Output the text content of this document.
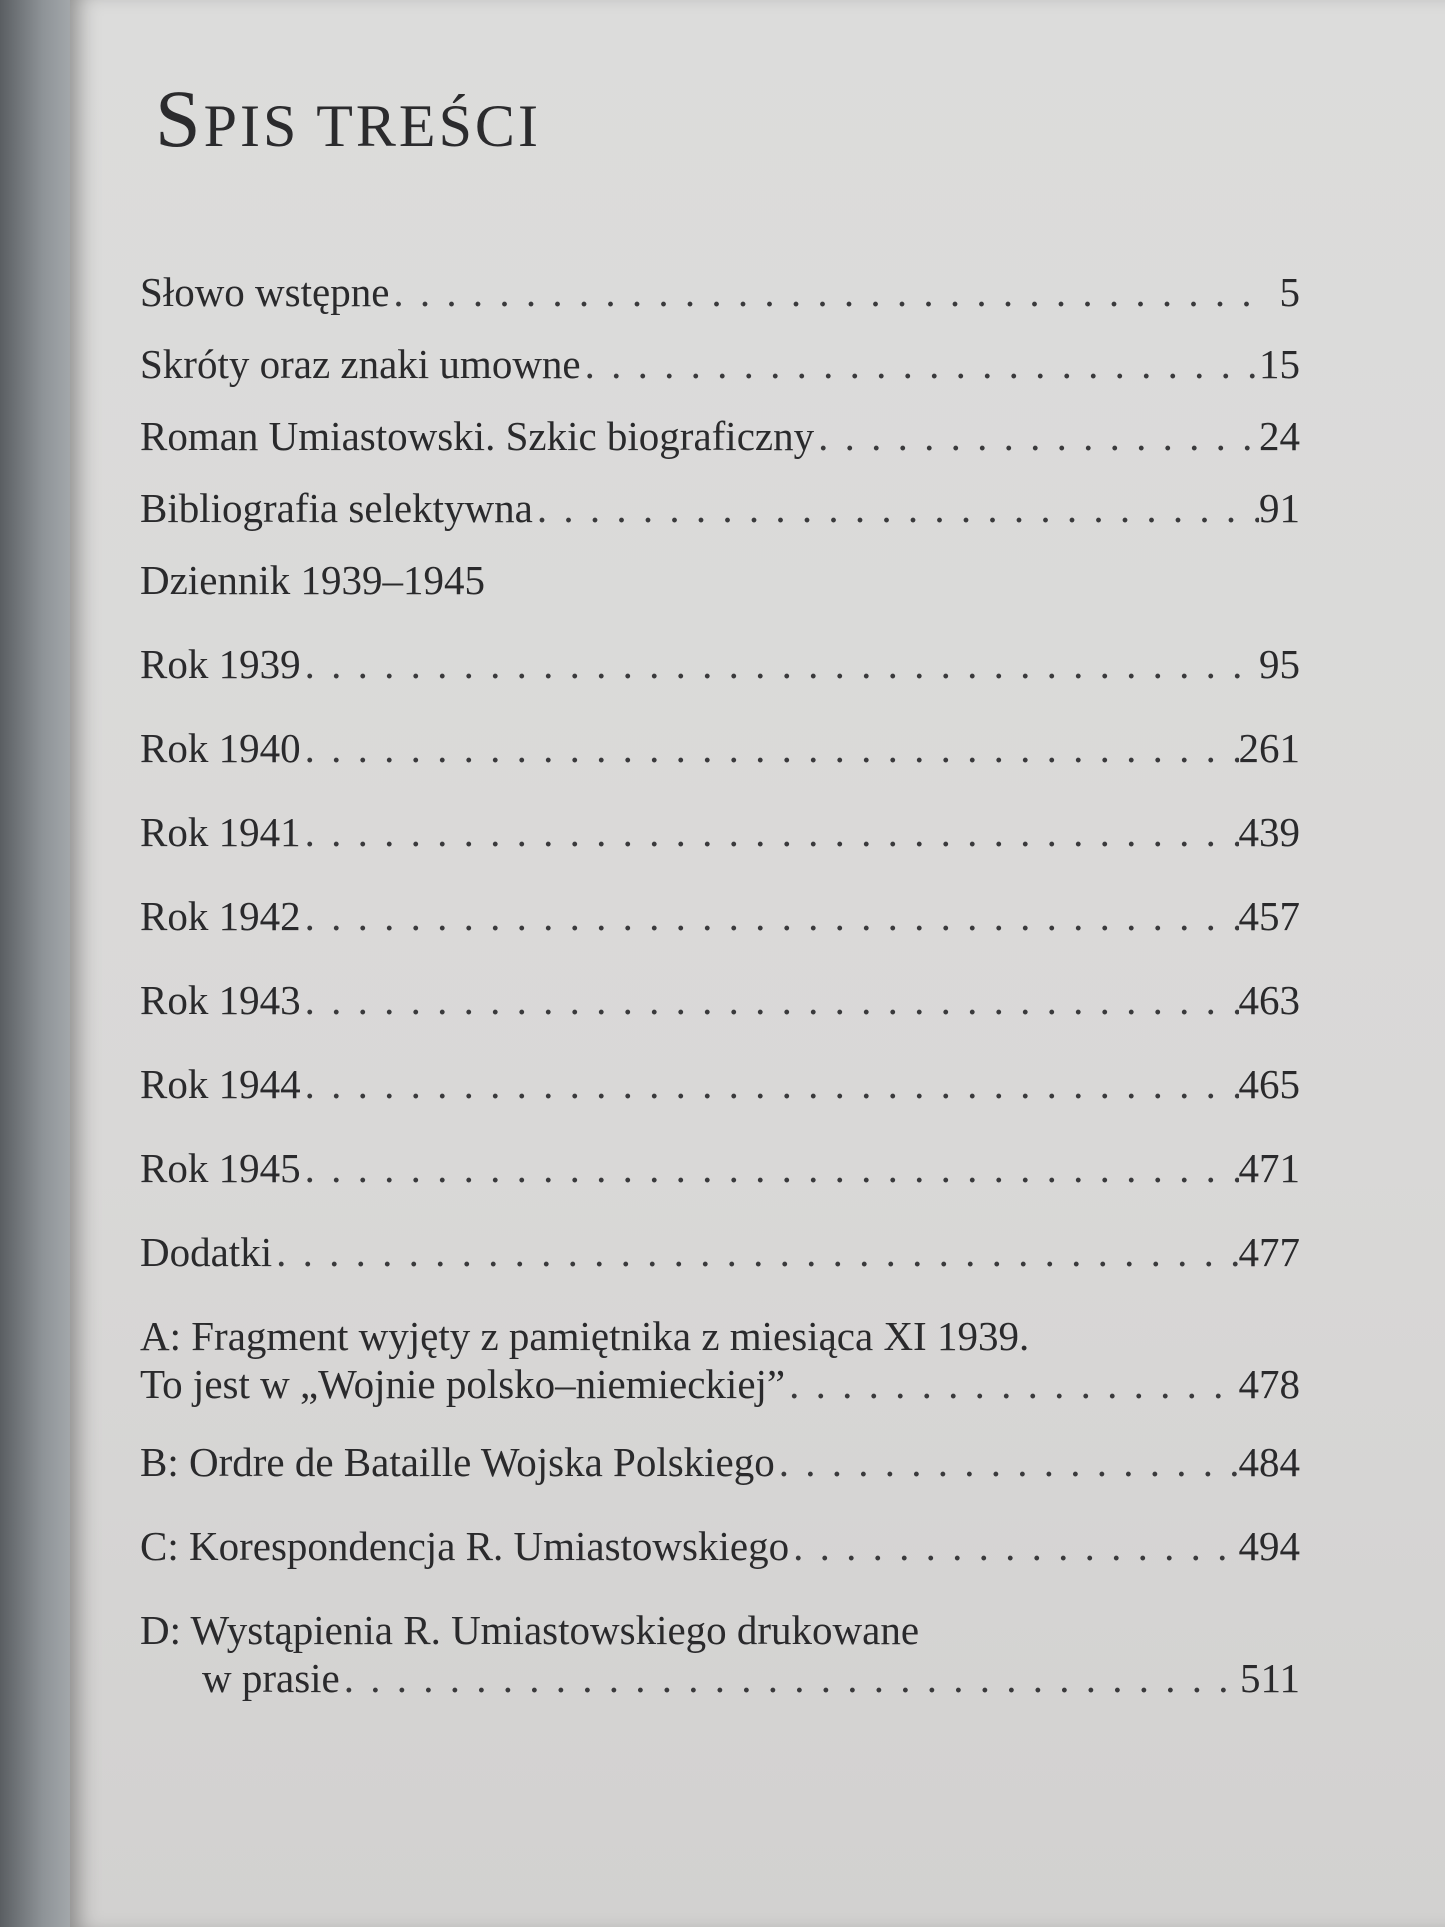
SPIS TREŚCI
Słowo wstępne . . .	5
Skróty oraz znaki umowne . . .	15
Roman Umiastowski. Szkic biograficzny . . .	24
Bibliografia selektywna . . .	91
Dziennik 1939–1945
Rok 1939 . . .	95
Rok 1940 . . .	261
Rok 1941 . . .	439
Rok 1942 . . .	457
Rok 1943 . . .	463
Rok 1944 . . .	465
Rok 1945 . . .	471
Dodatki . . .	477
A: Fragment wyjęty z pamiętnika z miesiąca XI 1939.
To jest w „Wojnie polsko–niemieckiej” . . .	478
B: Ordre de Bataille Wojska Polskiego . . .	484
C: Korespondencja R. Umiastowskiego . . .	494
D: Wystąpienia R. Umiastowskiego drukowane
w prasie . . .	511
